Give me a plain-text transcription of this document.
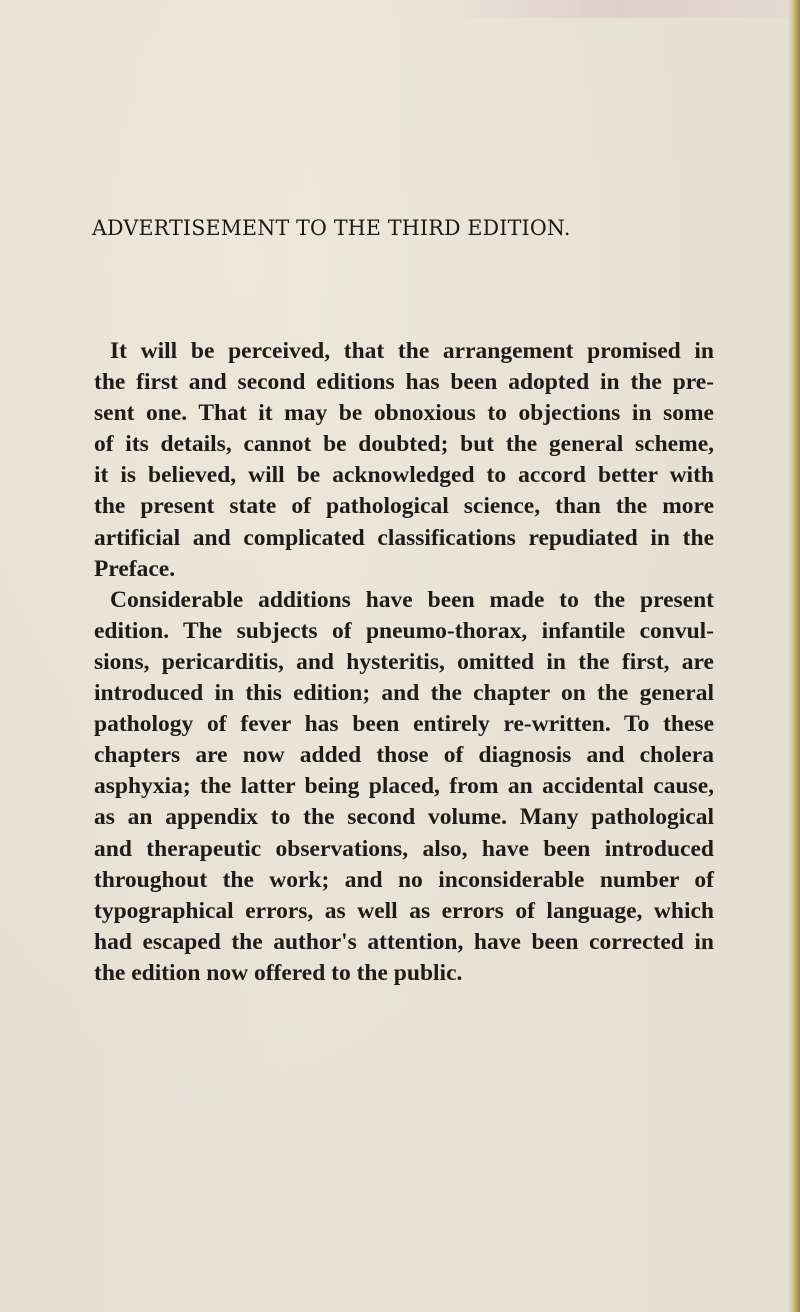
ADVERTISEMENT TO THE THIRD EDITION.
It will be perceived, that the arrangement promised in
the first and second editions has been adopted in the pre-
sent one. That it may be obnoxious to objections in some
of its details, cannot be doubted; but the general scheme,
it is believed, will be acknowledged to accord better with
the present state of pathological science, than the more
artificial and complicated classifications repudiated in the
Preface.
Considerable additions have been made to the present
edition. The subjects of pneumo-thorax, infantile convul-
sions, pericarditis, and hysteritis, omitted in the first, are
introduced in this edition; and the chapter on the general
pathology of fever has been entirely re-written. To these
chapters are now added those of diagnosis and cholera
asphyxia; the latter being placed, from an accidental cause,
as an appendix to the second volume. Many pathological
and therapeutic observations, also, have been introduced
throughout the work; and no inconsiderable number of
typographical errors, as well as errors of language, which
had escaped the author's attention, have been corrected in
the edition now offered to the public.
